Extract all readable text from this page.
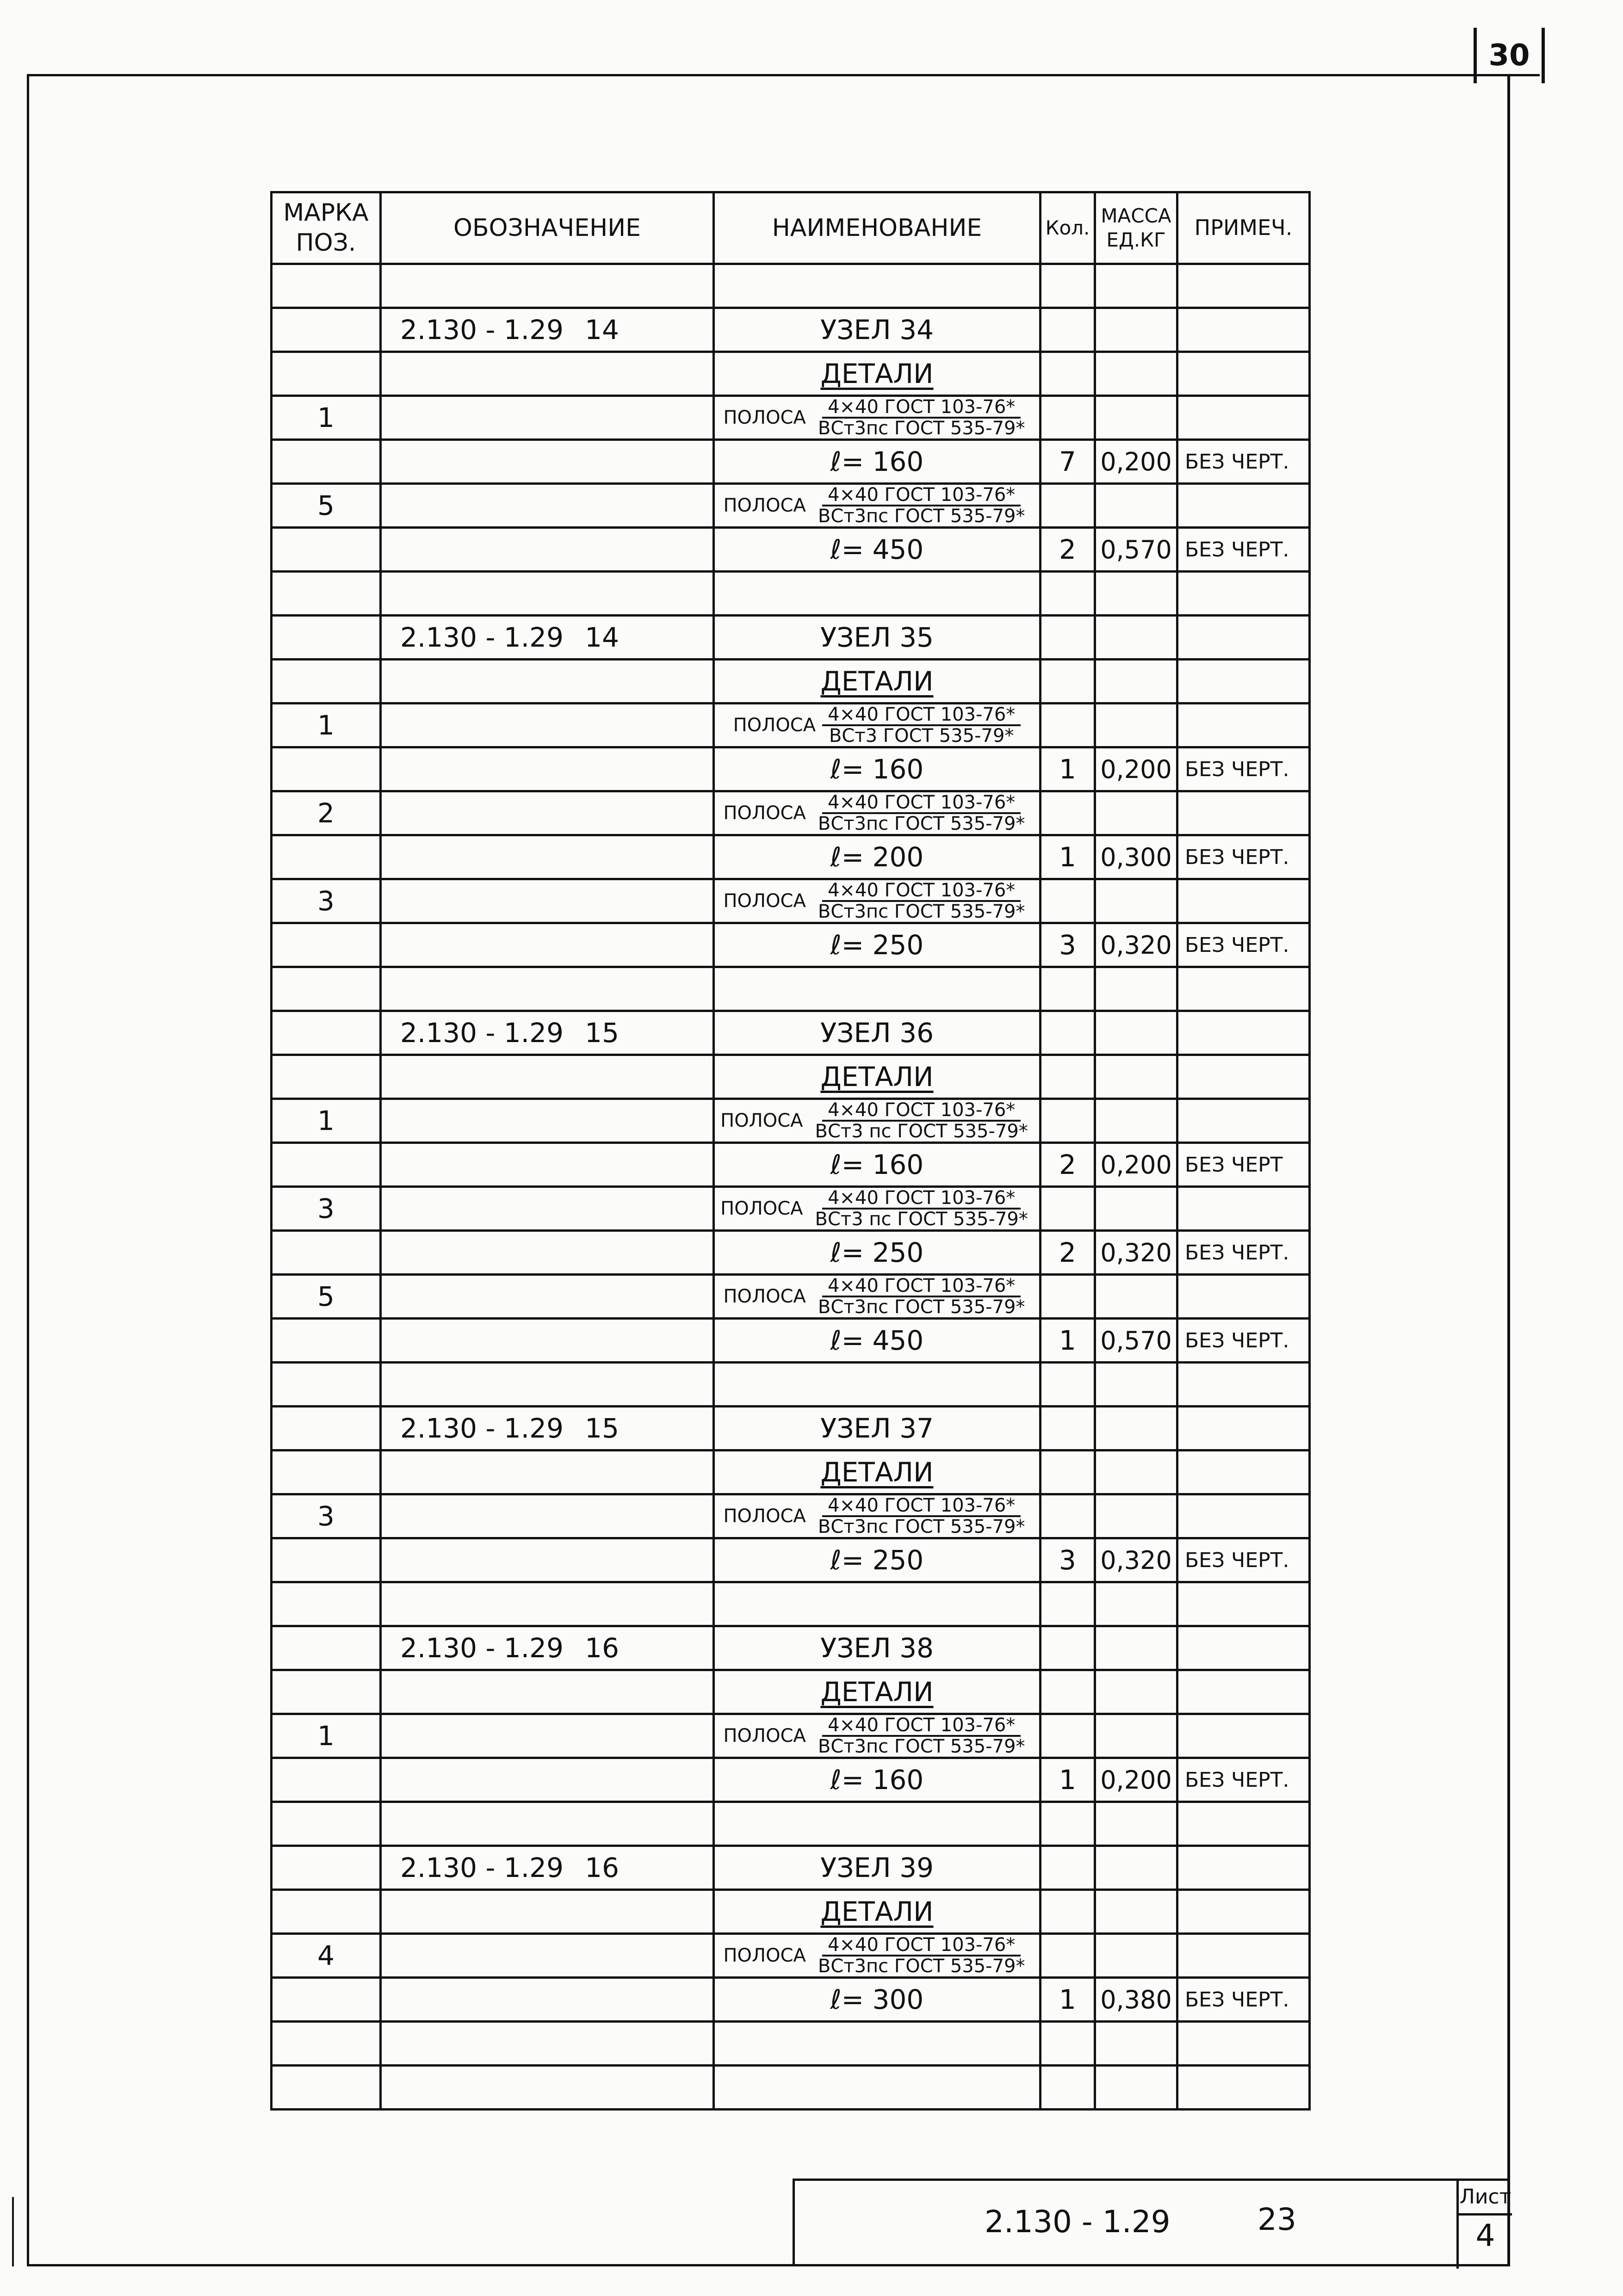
30
МАРКА ПОЗ.	ОБОЗНАЧЕНИЕ	НАИМЕНОВАНИЕ	Кол.	МАССА ЕД.КГ	ПРИМЕЧ.

	2.130 - 1.29 14	УЗЕЛ 34			
		ДЕТАЛИ			
1		ПОЛОСА $\frac{\text{4×40 ГОСТ 103-76*}}{\text{ВСт3пс ГОСТ 535-79*}}$

		ℓ= 160	7	0,200	БЕЗ ЧЕРТ.
5		ПОЛОСА $\frac{\text{4×40 ГОСТ 103-76*}}{\text{ВСт3пс ГОСТ 535-79*}}$

		ℓ= 450	2	0,570	БЕЗ ЧЕРТ.

	2.130 - 1.29 14	УЗЕЛ 35			
		ДЕТАЛИ			
1		ПОЛОСА $\frac{\text{4×40 ГОСТ 103-76*}}{\text{ВСт3 ГОСТ 535-79*}}$

		ℓ= 160	1	0,200	БЕЗ ЧЕРТ.
2		ПОЛОСА $\frac{\text{4×40 ГОСТ 103-76*}}{\text{ВСт3пс ГОСТ 535-79*}}$

		ℓ= 200	1	0,300	БЕЗ ЧЕРТ.
3		ПОЛОСА $\frac{\text{4×40 ГОСТ 103-76*}}{\text{ВСт3пс ГОСТ 535-79*}}$

		ℓ= 250	3	0,320	БЕЗ ЧЕРТ.

	2.130 - 1.29 15	УЗЕЛ 36			
		ДЕТАЛИ			
1		ПОЛОСА $\frac{\text{4×40 ГОСТ 103-76*}}{\text{ВСт3 пс ГОСТ 535-79*}}$

		ℓ= 160	2	0,200	БЕЗ ЧЕРТ
3		ПОЛОСА $\frac{\text{4×40 ГОСТ 103-76*}}{\text{ВСт3 пс ГОСТ 535-79*}}$

		ℓ= 250	2	0,320	БЕЗ ЧЕРТ.
5		ПОЛОСА $\frac{\text{4×40 ГОСТ 103-76*}}{\text{ВСт3пс ГОСТ 535-79*}}$

		ℓ= 450	1	0,570	БЕЗ ЧЕРТ.

	2.130 - 1.29 15	УЗЕЛ 37			
		ДЕТАЛИ			
3		ПОЛОСА $\frac{\text{4×40 ГОСТ 103-76*}}{\text{ВСт3пс ГОСТ 535-79*}}$

		ℓ= 250	3	0,320	БЕЗ ЧЕРТ.

	2.130 - 1.29 16	УЗЕЛ 38			
		ДЕТАЛИ			
1		ПОЛОСА $\frac{\text{4×40 ГОСТ 103-76*}}{\text{ВСт3пс ГОСТ 535-79*}}$

		ℓ= 160	1	0,200	БЕЗ ЧЕРТ.

	2.130 - 1.29 16	УЗЕЛ 39			
		ДЕТАЛИ			
4		ПОЛОСА $\frac{\text{4×40 ГОСТ 103-76*}}{\text{ВСт3пс ГОСТ 535-79*}}$

		ℓ= 300	1	0,380	БЕЗ ЧЕРТ.

2.130 - 1.29	23
Лист
4
